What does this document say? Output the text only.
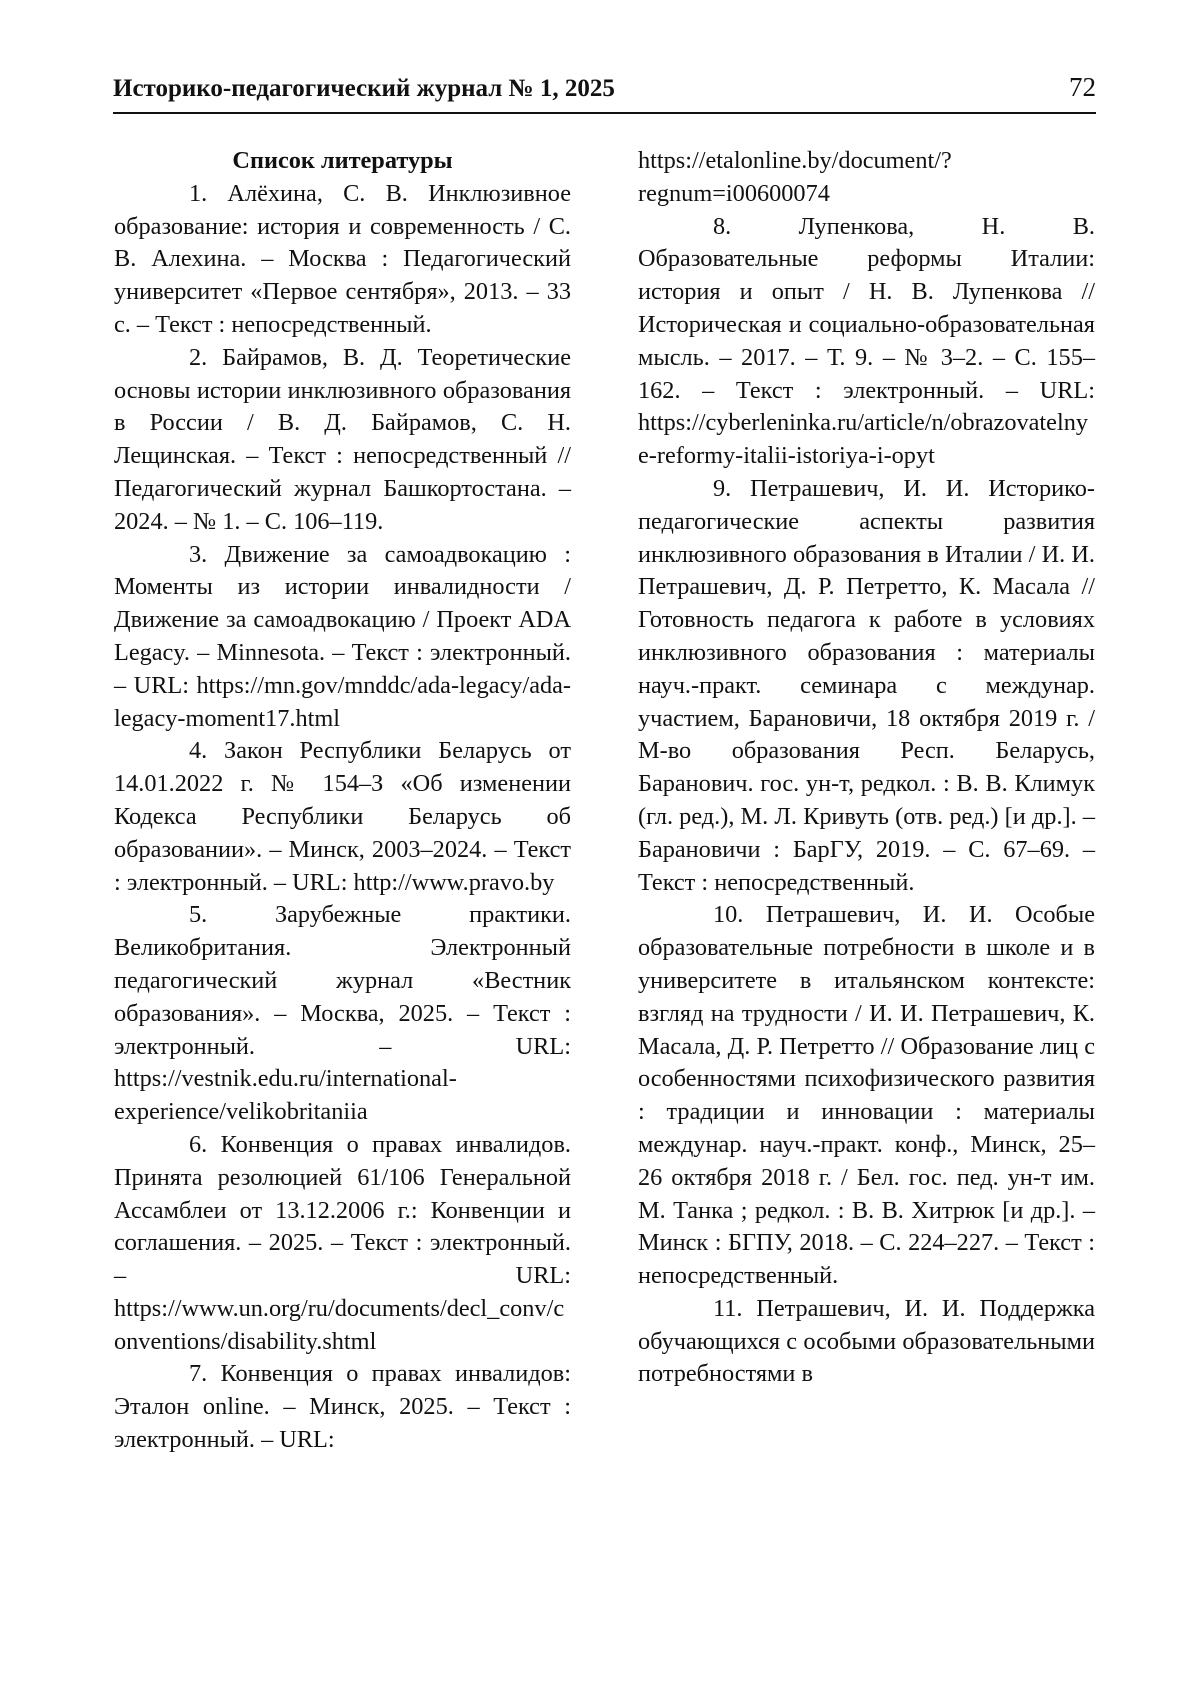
Историко-педагогический журнал № 1, 2025	72
Список литературы

1. Алёхина, С. В. Инклюзивное образование: история и современность / С. В. Алехина. – Москва : Педагогический университет «Первое сентября», 2013. – 33 с. – Текст : непосредственный.

2. Байрамов, В. Д. Теоретические основы истории инклюзивного образования в России / В. Д. Байрамов, С. Н. Лещинская. – Текст : непосредственный // Педагогический журнал Башкортостана. – 2024. – № 1. – С. 106–119.

3. Движение за самоадвокацию : Моменты из истории инвалидности / Движение за самоадвокацию / Проект ADA Legacy. – Minnesota. – Текст : электронный. – URL: https://mn.gov/mnddc/ada-legacy/ada-legacy-moment17.html

4. Закон Республики Беларусь от 14.01.2022 г. № 154–З «Об изменении Кодекса Республики Беларусь об образовании». – Минск, 2003–2024. – Текст : электронный. – URL: http://www.pravo.by

5. Зарубежные практики. Великобритания. Электронный педагогический журнал «Вестник образования». – Москва, 2025. – Текст : электронный. – URL: https://vestnik.edu.ru/international-experience/velikobritaniia

6. Конвенция о правах инвалидов. Принята резолюцией 61/106 Генеральной Ассамблеи от 13.12.2006 г.: Конвенции и соглашения. – 2025. – Текст : электронный. – URL: https://www.un.org/ru/documents/decl_conv/conventions/disability.shtml

7. Конвенция о правах инвалидов: Эталон online. – Минск, 2025. – Текст : электронный. – URL:

https://etalonline.by/document/?regnum=i00600074

8. Лупенкова, Н. В. Образовательные реформы Италии: история и опыт / Н. В. Лупенкова // Историческая и социально-образовательная мысль. – 2017. – Т. 9. – № 3–2. – С. 155–162. – Текст : электронный. – URL: https://cyberleninka.ru/article/n/obrazovatelnye-reformy-italii-istoriya-i-opyt

9. Петрашевич, И. И. Историко-педагогические аспекты развития инклюзивного образования в Италии / И. И. Петрашевич, Д. Р. Петретто, К. Масала // Готовность педагога к работе в условиях инклюзивного образования : материалы науч.-практ. семинара с междунар. участием, Барановичи, 18 октября 2019 г. / М-во образования Респ. Беларусь, Баранович. гос. ун-т, редкол. : В. В. Климук (гл. ред.), М. Л. Кривуть (отв. ред.) [и др.]. – Барановичи : БарГУ, 2019. – С. 67–69. – Текст : непосредственный.

10. Петрашевич, И. И. Особые образовательные потребности в школе и в университете в итальянском контексте: взгляд на трудности / И. И. Петрашевич, К. Масала, Д. Р. Петретто // Образование лиц с особенностями психофизического развития : традиции и инновации : материалы междунар. науч.-практ. конф., Минск, 25–26 октября 2018 г. / Бел. гос. пед. ун-т им. М. Танка ; редкол. : В. В. Хитрюк [и др.]. – Минск : БГПУ, 2018. – С. 224–227. – Текст : непосредственный.

11. Петрашевич, И. И. Поддержка обучающихся с особыми образовательными потребностями в
